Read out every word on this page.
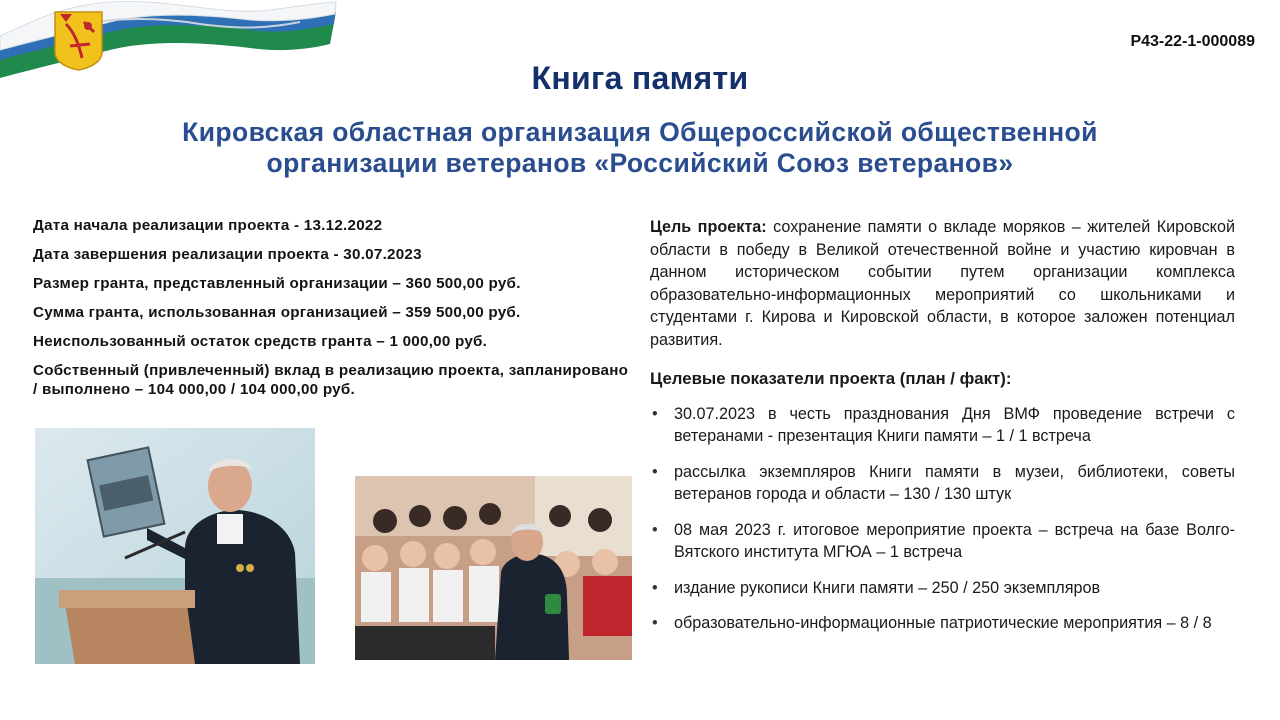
P43-22-1-000089
Книга памяти
Кировская областная организация Общероссийской общественной
организации ветеранов «Российский Союз ветеранов»
Дата начала реализации проекта - 13.12.2022
Дата завершения реализации проекта - 30.07.2023
Размер гранта, представленный организации – 360 500,00 руб.
Сумма гранта, использованная организацией – 359 500,00 руб.
Неиспользованный остаток средств гранта – 1 000,00 руб.
Собственный (привлеченный) вклад в реализацию проекта, запланировано / выполнено – 104 000,00 / 104 000,00 руб.

Цель проекта: сохранение памяти о вкладе моряков – жителей Кировской области в победу в Великой отечественной войне и участию кировчан в данном историческом событии путем организации комплекса образовательно-информационных мероприятий со школьниками и студентами г. Кирова и Кировской области, в которое заложен потенциал развития.

Целевые показатели проекта (план / факт):
• 30.07.2023 в честь празднования Дня ВМФ проведение встречи с ветеранами - презентация Книги памяти – 1 / 1 встреча
• рассылка экземпляров Книги памяти в музеи, библиотеки, советы ветеранов города и области – 130 / 130 штук
• 08 мая 2023 г. итоговое мероприятие проекта – встреча на базе Волго-Вятского института МГЮА – 1 встреча
• издание рукописи Книги памяти – 250 / 250 экземпляров
• образовательно-информационные патриотические мероприятия – 8 / 8
